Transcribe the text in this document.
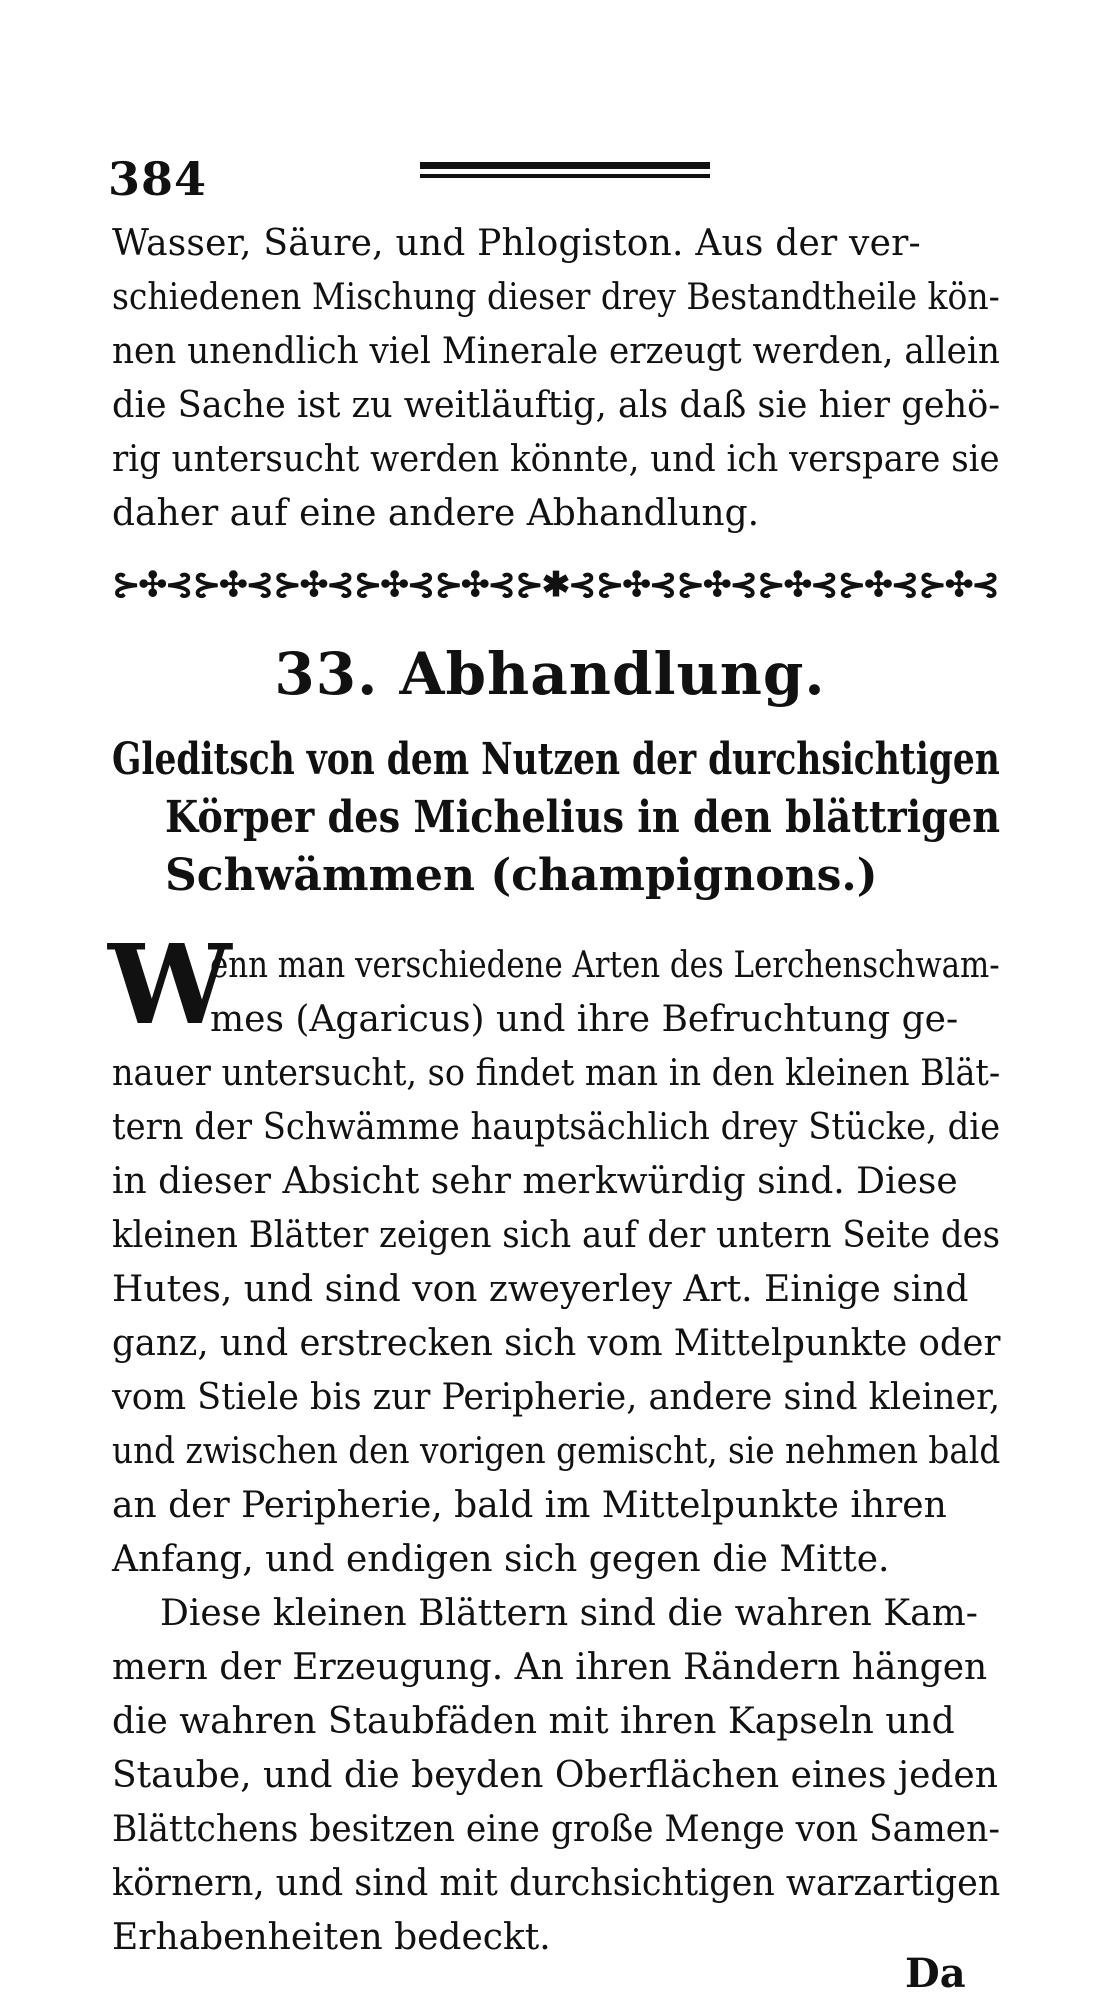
384
Wasser, Säure, und Phlogiston. Aus der ver-
schiedenen Mischung dieser drey Bestandtheile kön-
nen unendlich viel Minerale erzeugt werden, allein
die Sache ist zu weitläuftig, als daß sie hier gehö-
rig untersucht werden könnte, und ich verspare sie
daher auf eine andere Abhandlung.
⊱✣⊰ ⊱✣⊰ ⊱✣⊰ ⊱✣⊰ ⊱✣⊰ ⊱✱⊰ ⊱✣⊰ ⊱✣⊰ ⊱✣⊰ ⊱✣⊰ ⊱✣⊰
33. Abhandlung.
Gleditsch von dem Nutzen der durchsichtigen
Körper des Michelius in den blättrigen
Schwämmen (champignons.)
W
enn man verschiedene Arten des Lerchenschwam-
mes (Agaricus) und ihre Befruchtung ge-
nauer untersucht, so findet man in den kleinen Blät-
tern der Schwämme hauptsächlich drey Stücke, die
in dieser Absicht sehr merkwürdig sind. Diese
kleinen Blätter zeigen sich auf der untern Seite des
Hutes, und sind von zweyerley Art. Einige sind
ganz, und erstrecken sich vom Mittelpunkte oder
vom Stiele bis zur Peripherie, andere sind kleiner,
und zwischen den vorigen gemischt, sie nehmen bald
an der Peripherie, bald im Mittelpunkte ihren
Anfang, und endigen sich gegen die Mitte.
Diese kleinen Blättern sind die wahren Kam-
mern der Erzeugung. An ihren Rändern hängen
die wahren Staubfäden mit ihren Kapseln und
Staube, und die beyden Oberflächen eines jeden
Blättchens besitzen eine große Menge von Samen-
körnern, und sind mit durchsichtigen warzartigen
Erhabenheiten bedeckt.
Da
